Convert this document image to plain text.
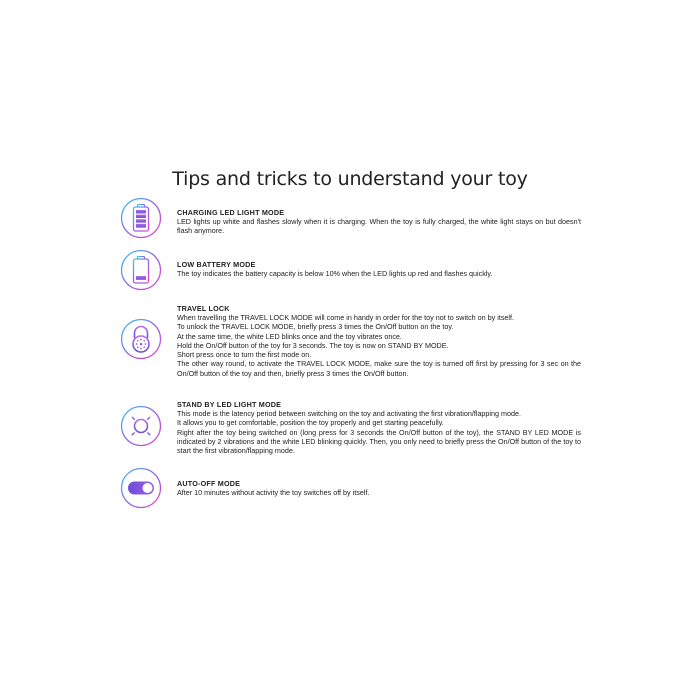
Tips and tricks to understand your toy
CHARGING LED LIGHT MODE
LED lights up white and flashes slowly when it is charging. When the toy is fully charged, the white light stays on but doesn't flash anymore.
LOW BATTERY MODE
The toy indicates the battery capacity is below 10% when the LED lights up red and flashes quickly.
TRAVEL LOCK
When travelling the TRAVEL LOCK MODE will come in handy in order for the toy not to switch on by itself.
To unlock the TRAVEL LOCK MODE, briefly press 3 times the On/Off button on the toy.
At the same time, the white LED blinks once and the toy vibrates once.
Hold the On/Off button of the toy for 3 seconds. The toy is now on STAND BY MODE.
Short press once to turn the first mode on.
The other way round, to activate the TRAVEL LOCK MODE, make sure the toy is turned off first by pressing for 3 sec on the On/Off button of the toy and then, briefly press 3 times the On/Off button.
STAND BY LED LIGHT MODE
This mode is the latency period between switching on the toy and activating the first vibration/flapping mode.
It allows you to get comfortable, position the toy properly and get starting peacefully.
Right after the toy being switched on (long press for 3 seconds the On/Off button of the toy), the STAND BY LED MODE is indicated by 2 vibrations and the white LED blinking quickly. Then, you only need to briefly press the On/Off button of the toy to start the first vibration/flapping mode.
AUTO-OFF MODE
After 10 minutes without activity the toy switches off by itself.
